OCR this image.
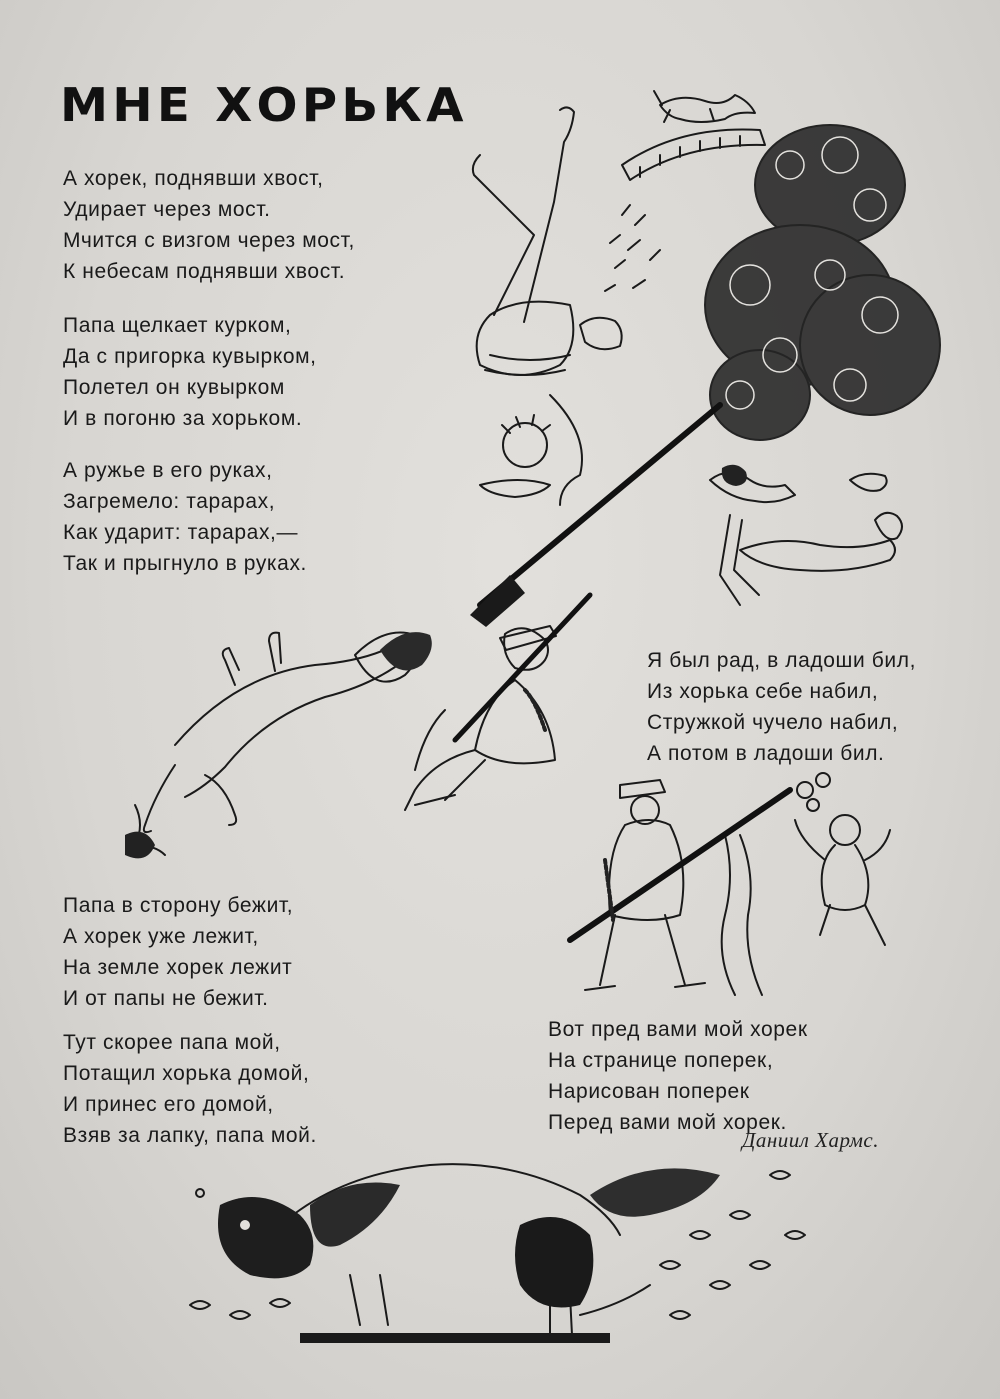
МНЕ ХОРЬКА
А хорек, поднявши хвост,
Удирает через мост.
Мчится с визгом через мост,
К небесам поднявши хвост.
Папа щелкает курком,
Да с пригорка кувырком,
Полетел он кувырком
И в погоню за хорьком.
А ружье в его руках,
Загремело: тарарах,
Как ударит: тарарах,—
Так и прыгнуло в руках.
Я был рад, в ладоши бил,
Из хорька себе набил,
Стружкой чучело набил,
А потом в ладоши бил.
Папа в сторону бежит,
А хорек уже лежит,
На земле хорек лежит
И от папы не бежит.
Тут скорее папа мой,
Потащил хорька домой,
И принес его домой,
Взяв за лапку, папа мой.
Вот пред вами мой хорек
На странице поперек,
Нарисован поперек
Перед вами мой хорек.
Даниил Хармс.
